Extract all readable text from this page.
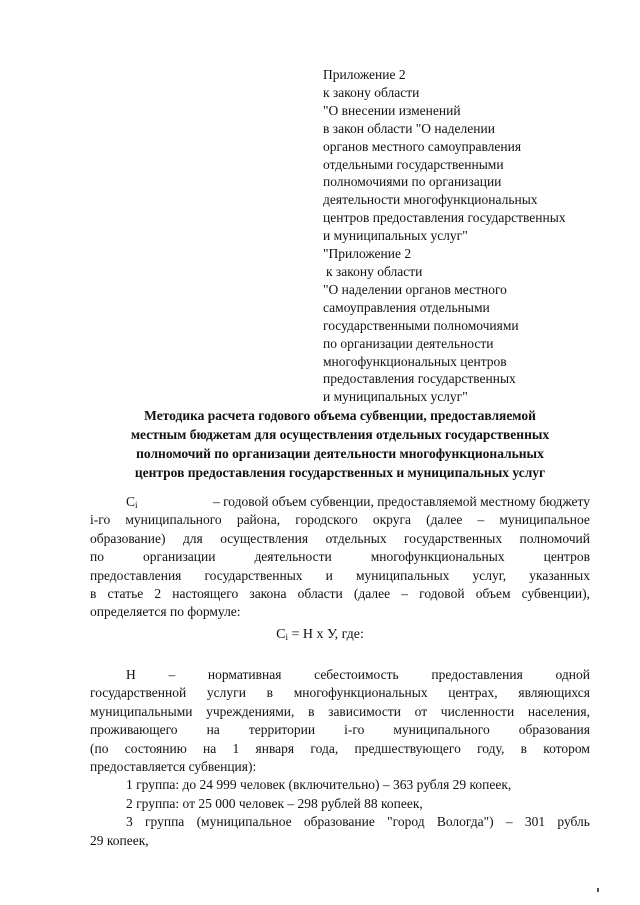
Приложение 2
к закону области
"О внесении изменений
в закон области "О наделении
органов местного самоуправления
отдельными государственными
полномочиями по организации
деятельности многофункциональных
центров предоставления государственных
и муниципальных услуг"
"Приложение 2
к закону области
"О наделении органов местного
самоуправления отдельными
государственными полномочиями
по организации деятельности
многофункциональных центров
предоставления государственных
и муниципальных услуг"
Методика расчета годового объема субвенции, предоставляемой
местным бюджетам для осуществления отдельных государственных
полномочий по организации деятельности многофункциональных
центров предоставления государственных и муниципальных услуг
$C_i$	– годовой объем субвенции, предоставляемой местному бюджету
i-го муниципального района, городского округа (далее – муниципальное
образование) для осуществления отдельных государственных полномочий
по	организации	деятельности	многофункциональных	центров
предоставления государственных и муниципальных услуг, указанных
в статье 2 настоящего закона области (далее – годовой объем субвенции),
определяется по формуле:
$C_i = Н$ х У, где:
Н – нормативная себестоимость предоставления одной
государственной услуги в многофункциональных центрах, являющихся
муниципальными учреждениями, в зависимости от численности населения,
проживающего на территории i-го муниципального образования
(по состоянию на 1 января года, предшествующего году, в котором
предоставляется субвенция):
1 группа: до 24 999 человек (включительно) – 363 рубля 29 копеек,
2 группа: от 25 000 человек – 298 рублей 88 копеек,
3 группа (муниципальное образование "город Вологда") – 301 рубль
29 копеек,
